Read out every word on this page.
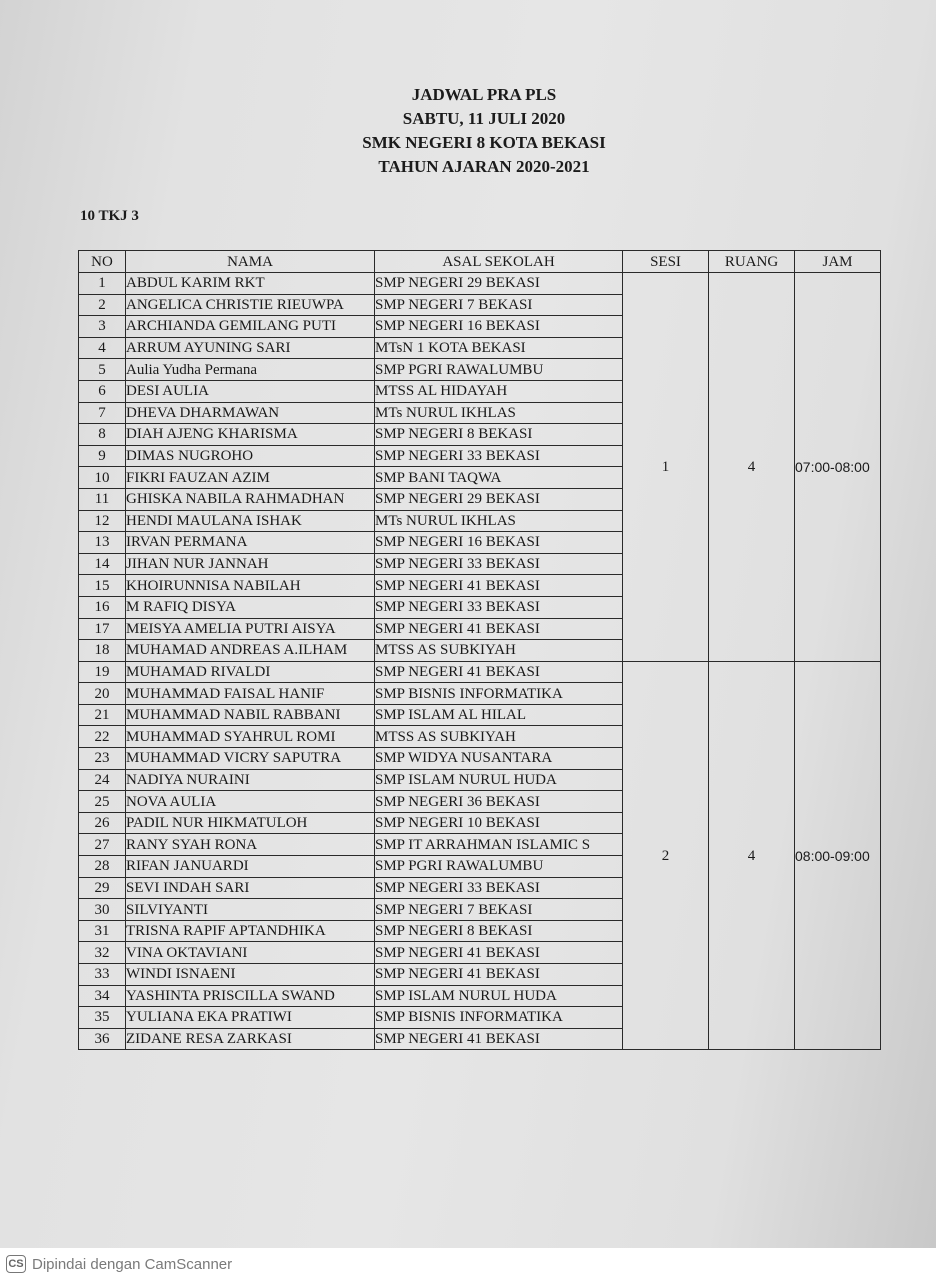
JADWAL PRA PLS
SABTU, 11 JULI 2020
SMK NEGERI 8 KOTA BEKASI
TAHUN AJARAN 2020-2021
10 TKJ 3
NO	NAMA	ASAL SEKOLAH	SESI	RUANG	JAM
1	ABDUL KARIM RKT	SMP NEGERI 29 BEKASI	1	4	07:00-08:00
2	ANGELICA CHRISTIE RIEUWPA	SMP NEGERI 7 BEKASI			
3	ARCHIANDA GEMILANG PUTI	SMP NEGERI 16 BEKASI			
4	ARRUM AYUNING SARI	MTsN 1 KOTA BEKASI			
5	Aulia Yudha Permana	SMP PGRI RAWALUMBU			
6	DESI AULIA	MTSS AL HIDAYAH			
7	DHEVA DHARMAWAN	MTs NURUL IKHLAS			
8	DIAH AJENG KHARISMA	SMP NEGERI 8 BEKASI			
9	DIMAS NUGROHO	SMP NEGERI 33 BEKASI			
10	FIKRI FAUZAN AZIM	SMP BANI TAQWA			
11	GHISKA NABILA RAHMADHAN	SMP NEGERI 29 BEKASI			
12	HENDI MAULANA ISHAK	MTs NURUL IKHLAS			
13	IRVAN PERMANA	SMP NEGERI 16 BEKASI			
14	JIHAN NUR JANNAH	SMP NEGERI 33 BEKASI			
15	KHOIRUNNISA NABILAH	SMP NEGERI 41 BEKASI			
16	M RAFIQ DISYA	SMP NEGERI 33 BEKASI			
17	MEISYA AMELIA PUTRI AISYA	SMP NEGERI 41 BEKASI			
18	MUHAMAD ANDREAS A.ILHAM	MTSS AS SUBKIYAH			
19	MUHAMAD RIVALDI	SMP NEGERI 41 BEKASI	2	4	08:00-09:00
20	MUHAMMAD FAISAL HANIF	SMP BISNIS INFORMATIKA			
21	MUHAMMAD NABIL RABBANI	SMP ISLAM AL HILAL			
22	MUHAMMAD SYAHRUL ROMI	MTSS AS SUBKIYAH			
23	MUHAMMAD VICRY SAPUTRA	SMP WIDYA NUSANTARA			
24	NADIYA NURAINI	SMP ISLAM NURUL HUDA			
25	NOVA AULIA	SMP NEGERI 36 BEKASI			
26	PADIL NUR HIKMATULOH	SMP NEGERI 10 BEKASI			
27	RANY SYAH RONA	SMP IT ARRAHMAN ISLAMIC S			
28	RIFAN JANUARDI	SMP PGRI RAWALUMBU			
29	SEVI INDAH SARI	SMP NEGERI 33 BEKASI			
30	SILVIYANTI	SMP NEGERI 7 BEKASI			
31	TRISNA RAPIF APTANDHIKA	SMP NEGERI 8 BEKASI			
32	VINA OKTAVIANI	SMP NEGERI 41 BEKASI			
33	WINDI ISNAENI	SMP NEGERI 41 BEKASI			
34	YASHINTA PRISCILLA SWAND	SMP ISLAM NURUL HUDA			
35	YULIANA EKA PRATIWI	SMP BISNIS INFORMATIKA			
36	ZIDANE RESA ZARKASI	SMP NEGERI 41 BEKASI			
CS Dipindai dengan CamScanner
